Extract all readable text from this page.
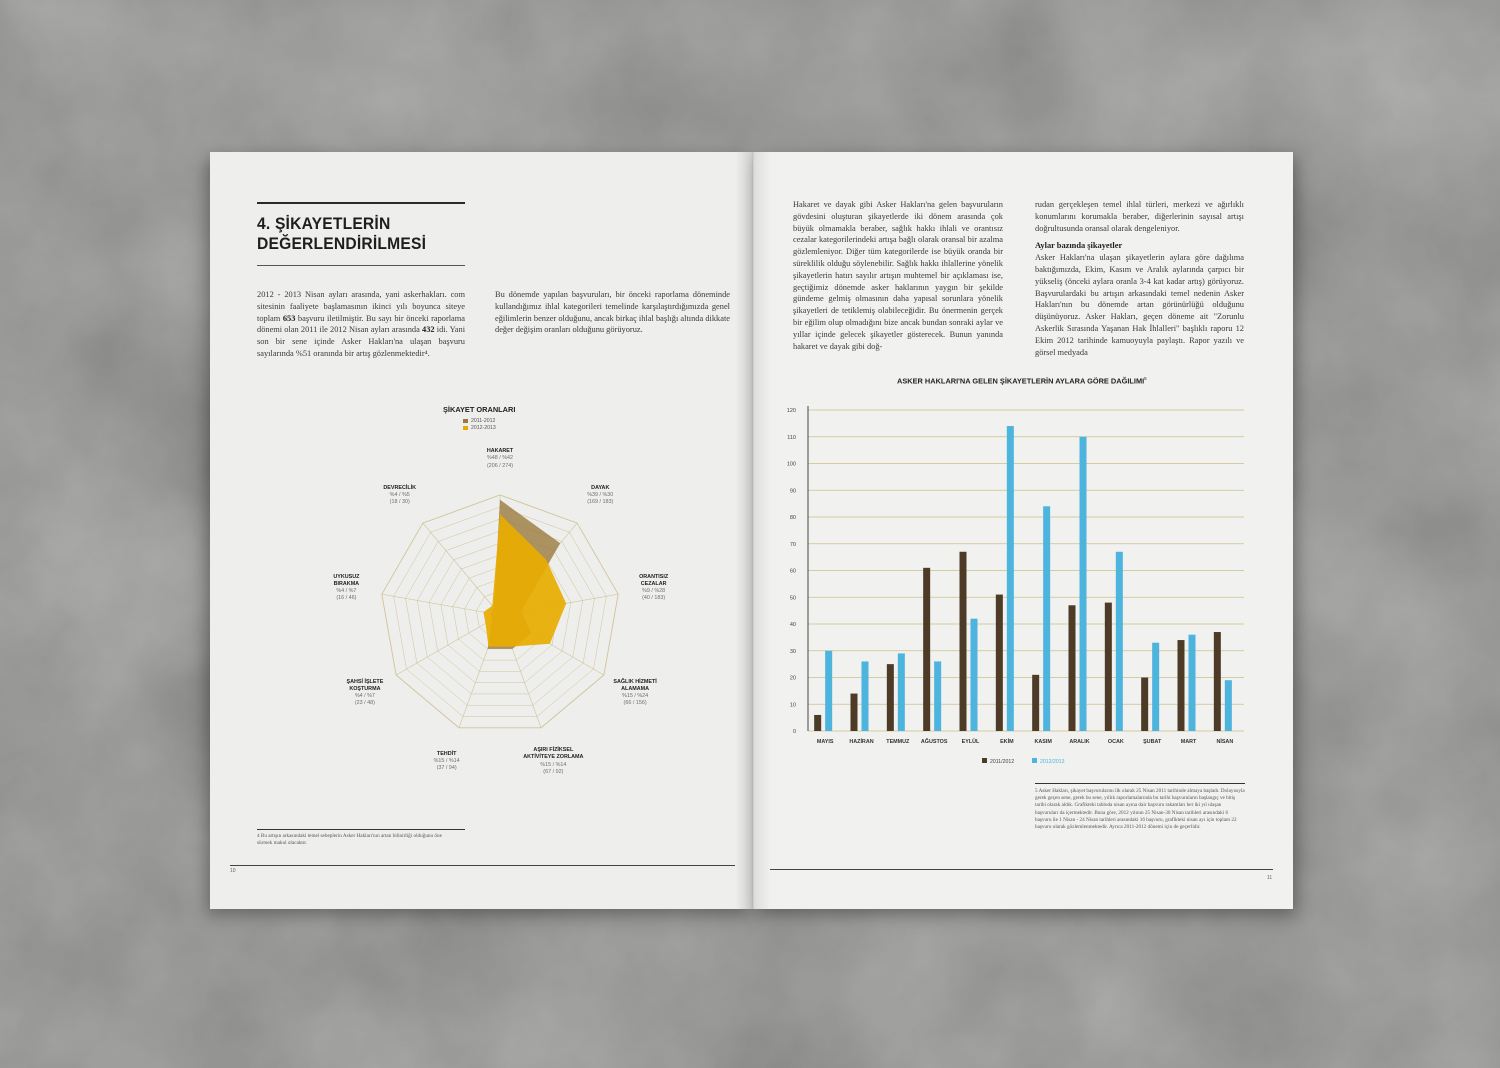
4. ŞİKAYETLERİN
DEĞERLENDİRİLMESİ
2012 - 2013 Nisan ayları arasında, yani askerhakları. com sitesinin faaliyete başlamasının ikinci yılı boyunca siteye toplam 653 başvuru iletilmiştir. Bu sayı bir önceki raporlama dönemi olan 2011 ile 2012 Nisan ayları arasında 432 idi. Yani son bir sene içinde Asker Hakları'na ulaşan başvuru sayılarında %51 oranında bir artış gözlenmektedir⁴.
Bu dönemde yapılan başvuruları, bir önceki raporlama döneminde kullandığımız ihlal kategorileri temelinde karşılaştırdığımızda genel eğilimlerin benzer olduğunu, ancak birkaç ihlal başlığı altında dikkate değer değişim oranları olduğunu görüyoruz.
ŞİKAYET ORANLARI
2011-2012
2012-2013
HAKARET
%48 / %42
(206 / 274)
DAYAK
%39 / %30
(169 / 183)
ORANTISIZ
CEZALAR
%9 / %28
(40 / 183)
SAĞLIK HİZMETİ
ALAMAMA
%15 / %24
(66 / 156)
AŞIRI FİZİKSEL
AKTİVİTEYE ZORLAMA
%15 / %14
(67 / 92)
TEHDİT
%15 / %14
(37 / 94)
ŞAHSİ İŞLETE
KOŞTURMA
%4 / %7
(23 / 48)
UYKUSUZ
BIRAKMA
%4 / %7
(16 / 46)
DEVRECİLİK
%4 / %5
(18 / 30)
4 Bu artışın arkasındaki temel sebeplerin Asker Hakları'nın artan bilinirliği olduğunu öne sürmek makul olacaktır.
10
Hakaret ve dayak gibi Asker Hakları'na gelen başvuruların gövdesini oluşturan şikayetlerde iki dönem arasında çok büyük olmamakla beraber, sağlık hakkı ihlali ve orantısız cezalar kategorilerindeki artışa bağlı olarak oransal bir azalma gözlemleniyor. Diğer tüm kategorilerde ise büyük oranda bir süreklilik olduğu söylenebilir. Sağlık hakkı ihlallerine yönelik şikayetlerin hatırı sayılır artışın muhtemel bir açıklaması ise, geçtiğimiz dönemde asker haklarının yaygın bir şekilde gündeme gelmiş olmasının daha yapısal sorunlara yönelik şikayetleri de tetiklemiş olabileceğidir. Bu önermenin gerçek bir eğilim olup olmadığını bize ancak bundan sonraki aylar ve yıllar içinde gelecek şikayetler gösterecek. Bunun yanında hakaret ve dayak gibi doğ-
rudan gerçekleşen temel ihlal türleri, merkezi ve ağırlıklı konumlarını korumakla beraber, diğerlerinin sayısal artışı doğrultusunda oransal olarak dengeleniyor.
Aylar bazında şikayetler
Asker Hakları'na ulaşan şikayetlerin aylara göre dağılıma baktığımızda, Ekim, Kasım ve Aralık aylarında çarpıcı bir yükseliş (önceki aylara oranla 3-4 kat kadar artış) görüyoruz. Başvurulardaki bu artışın arkasındaki temel nedenin Asker Hakları'nın bu dönemde artan görünürlüğü olduğunu düşünüyoruz. Asker Hakları, geçen döneme ait "Zorunlu Askerlik Sırasında Yaşanan Hak İhlalleri" başlıklı raporu 12 Ekim 2012 tarihinde kamuoyuyla paylaştı. Rapor yazılı ve görsel medyada
ASKER HAKLARI'NA GELEN ŞİKAYETLERİN AYLARA GÖRE DAĞILIMI$^5$
0
10
20
30
40
50
60
70
80
90
100
110
120
MAYIS	HAZİRAN TEMMUZ AĞUSTOS	EYLÜL	EKİM	KASIM	ARALIK	OCAK	ŞUBAT	MART	NİSAN
2011/2012	2012/2013
5 Asker Hakları, şikayet başvurularını ilk olarak 25 Nisan 2011 tarihinde almaya başladı. Dolayısıyla gerek geçen sene, gerek bu sene, yıllık raporlamalarında bu tarihi başvuruların başlangıç ve bitiş tarihi olarak aldık. Grafikteki tabloda nisan ayına dair başvuru rakamları her iki yıl ulaşan başvuruları da içermektedir. Buna göre, 2012 yılının 25 Nisan-30 Nisan tarihleri arasındaki 6 başvuru ile 1 Nisan - 24 Nisan tarihleri arasındaki 16 başvuru, grafikteki nisan ayı için toplam 22 başvuru olarak gözlemlenmektedir. Ayrıca 2011-2012 dönemi için de geçerlidir.
11
